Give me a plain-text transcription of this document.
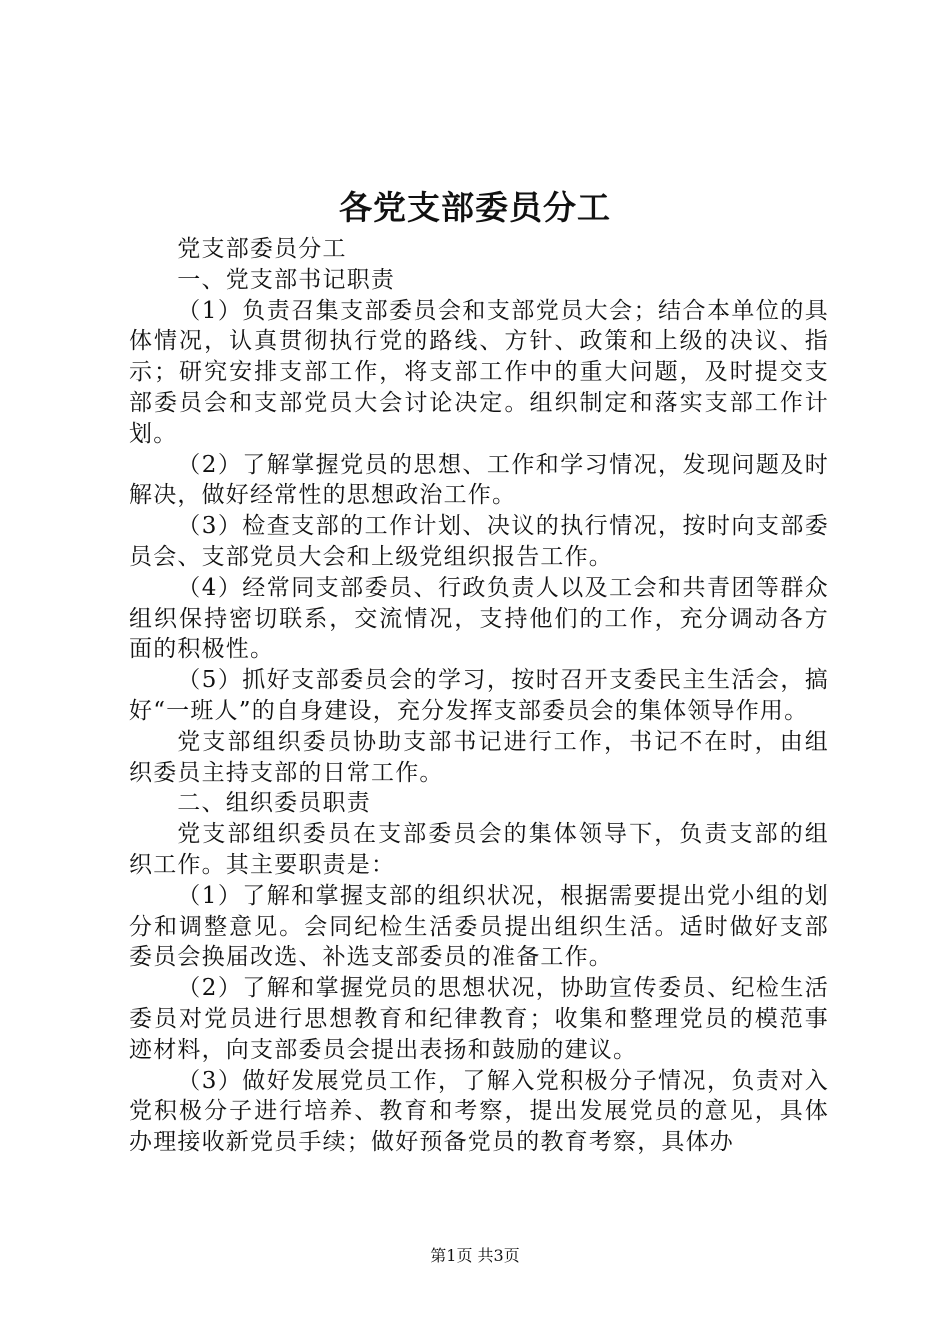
各党支部委员分工

党支部委员分工

一、党支部书记职责

（1）负责召集支部委员会和支部党员大会；结合本单位的具体情况，认真贯彻执行党的路线、方针、政策和上级的决议、指示；研究安排支部工作，将支部工作中的重大问题，及时提交支部委员会和支部党员大会讨论决定。组织制定和落实支部工作计划。

（2）了解掌握党员的思想、工作和学习情况，发现问题及时解决，做好经常性的思想政治工作。

（3）检查支部的工作计划、决议的执行情况，按时向支部委员会、支部党员大会和上级党组织报告工作。

（4）经常同支部委员、行政负责人以及工会和共青团等群众组织保持密切联系，交流情况，支持他们的工作，充分调动各方面的积极性。

（5）抓好支部委员会的学习，按时召开支委民主生活会，搞好“一班人”的自身建设，充分发挥支部委员会的集体领导作用。

党支部组织委员协助支部书记进行工作，书记不在时，由组织委员主持支部的日常工作。

二、组织委员职责

党支部组织委员在支部委员会的集体领导下，负责支部的组织工作。其主要职责是：

（1）了解和掌握支部的组织状况，根据需要提出党小组的划分和调整意见。会同纪检生活委员提出组织生活。适时做好支部委员会换届改选、补选支部委员的准备工作。

（2）了解和掌握党员的思想状况，协助宣传委员、纪检生活委员对党员进行思想教育和纪律教育；收集和整理党员的模范事迹材料，向支部委员会提出表扬和鼓励的建议。

（3）做好发展党员工作，了解入党积极分子情况，负责对入党积极分子进行培养、教育和考察，提出发展党员的意见，具体办理接收新党员手续；做好预备党员的教育考察，具体办

第1页 共3页
